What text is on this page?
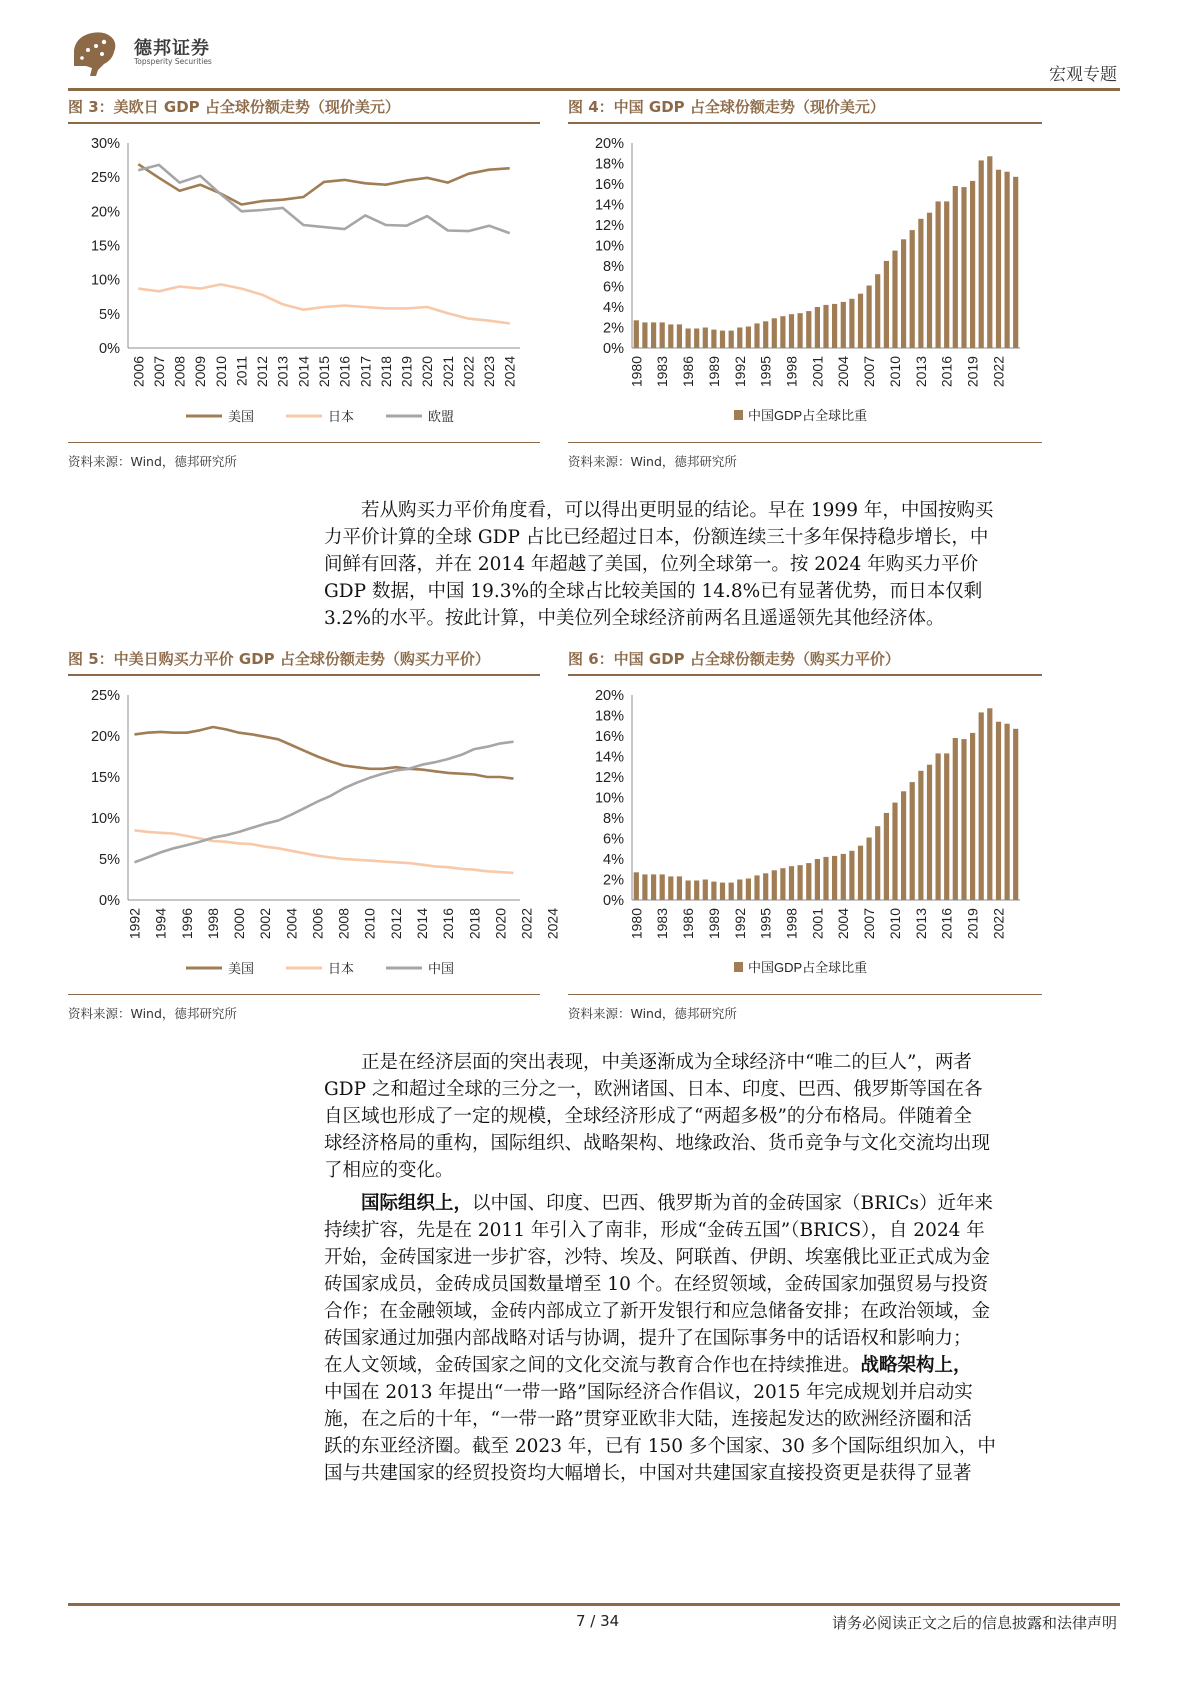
德邦证券
Topsperity Securities
宏观专题
图 3：美欧日 GDP 占全球份额走势（现价美元）
0%
5%
10%
15%
20%
25%
30%
2006 2007 2008 2009 2010 2011 2012 2013 2014 2015 2016 2017 2018 2019 2020 2021 2022 2023 2024
美国	日本	欧盟
资料来源：Wind，德邦研究所
图 4：中国 GDP 占全球份额走势（现价美元）
0%
2%
4%
6%
8%
10%
12%
14%
16%
18%
20%
1980 1983 1986 1989 1992 1995 1998 2001 2004 2007 2010 2013 2016 2019 2022
中国GDP占全球比重
资料来源：Wind，德邦研究所
　　若从购买力平价角度看，可以得出更明显的结论。早在 1999 年，中国按购买
力平价计算的全球 GDP 占比已经超过日本，份额连续三十多年保持稳步增长，中
间鲜有回落，并在 2014 年超越了美国，位列全球第一。按 2024 年购买力平价
GDP 数据，中国 19.3%的全球占比较美国的 14.8%已有显著优势，而日本仅剩
3.2%的水平。按此计算，中美位列全球经济前两名且遥遥领先其他经济体。
图 5：中美日购买力平价 GDP 占全球份额走势（购买力平价）
0%
5%
10%
15%
20%
25%
1992 1994 1996 1998 2000 2002 2004 2006 2008 2010 2012 2014 2016 2018 2020 2022 2024
美国	日本	中国
资料来源：Wind，德邦研究所
图 6：中国 GDP 占全球份额走势（购买力平价）
0%
2%
4%
6%
8%
10%
12%
14%
16%
18%
20%
1980 1983 1986 1989 1992 1995 1998 2001 2004 2007 2010 2013 2016 2019 2022
中国GDP占全球比重
资料来源：Wind，德邦研究所
　　正是在经济层面的突出表现，中美逐渐成为全球经济中“唯二的巨人”，两者
GDP 之和超过全球的三分之一，欧洲诸国、日本、印度、巴西、俄罗斯等国在各
自区域也形成了一定的规模，全球经济形成了“两超多极”的分布格局。伴随着全
球经济格局的重构，国际组织、战略架构、地缘政治、货币竞争与文化交流均出现
了相应的变化。
　　国际组织上，以中国、印度、巴西、俄罗斯为首的金砖国家（BRICs）近年来
持续扩容，先是在 2011 年引入了南非，形成“金砖五国”（BRICS），自 2024 年
开始，金砖国家进一步扩容，沙特、埃及、阿联酋、伊朗、埃塞俄比亚正式成为金
砖国家成员，金砖成员国数量增至 10 个。在经贸领域，金砖国家加强贸易与投资
合作；在金融领域，金砖内部成立了新开发银行和应急储备安排；在政治领域，金
砖国家通过加强内部战略对话与协调，提升了在国际事务中的话语权和影响力；
在人文领域，金砖国家之间的文化交流与教育合作也在持续推进。战略架构上，
中国在 2013 年提出“一带一路”国际经济合作倡议，2015 年完成规划并启动实
施，在之后的十年，“一带一路”贯穿亚欧非大陆，连接起发达的欧洲经济圈和活
跃的东亚经济圈。截至 2023 年，已有 150 多个国家、30 多个国际组织加入，中
国与共建国家的经贸投资均大幅增长，中国对共建国家直接投资更是获得了显著
7 / 34	请务必阅读正文之后的信息披露和法律声明
